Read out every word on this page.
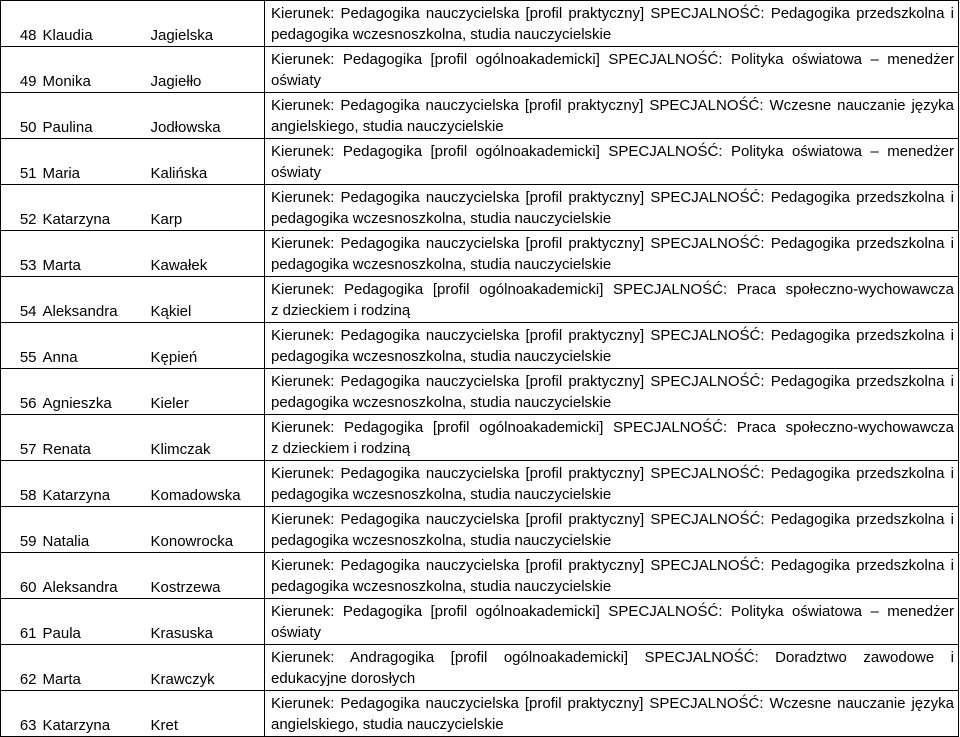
48	Klaudia	Jagielska	Kierunek: Pedagogika nauczycielska [profil praktyczny] SPECJALNOŚĆ: Pedagogika przedszkolna i
pedagogika wczesnoszkolna, studia nauczycielskie

49	Monika	Jagiełło	Kierunek: Pedagogika [profil ogólnoakademicki] SPECJALNOŚĆ: Polityka oświatowa – menedżer
oświaty

50	Paulina	Jodłowska	Kierunek: Pedagogika nauczycielska [profil praktyczny] SPECJALNOŚĆ: Wczesne nauczanie języka
angielskiego, studia nauczycielskie

51	Maria	Kalińska	Kierunek: Pedagogika [profil ogólnoakademicki] SPECJALNOŚĆ: Polityka oświatowa – menedżer
oświaty

52	Katarzyna	Karp	Kierunek: Pedagogika nauczycielska [profil praktyczny] SPECJALNOŚĆ: Pedagogika przedszkolna i
pedagogika wczesnoszkolna, studia nauczycielskie

53	Marta	Kawałek	Kierunek: Pedagogika nauczycielska [profil praktyczny] SPECJALNOŚĆ: Pedagogika przedszkolna i
pedagogika wczesnoszkolna, studia nauczycielskie

54	Aleksandra	Kąkiel	Kierunek: Pedagogika [profil ogólnoakademicki] SPECJALNOŚĆ: Praca społeczno-wychowawcza
z dzieckiem i rodziną

55	Anna	Kępień	Kierunek: Pedagogika nauczycielska [profil praktyczny] SPECJALNOŚĆ: Pedagogika przedszkolna i
pedagogika wczesnoszkolna, studia nauczycielskie

56	Agnieszka	Kieler	Kierunek: Pedagogika nauczycielska [profil praktyczny] SPECJALNOŚĆ: Pedagogika przedszkolna i
pedagogika wczesnoszkolna, studia nauczycielskie

57	Renata	Klimczak	Kierunek: Pedagogika [profil ogólnoakademicki] SPECJALNOŚĆ: Praca społeczno-wychowawcza
z dzieckiem i rodziną

58	Katarzyna	Komadowska	Kierunek: Pedagogika nauczycielska [profil praktyczny] SPECJALNOŚĆ: Pedagogika przedszkolna i
pedagogika wczesnoszkolna, studia nauczycielskie

59	Natalia	Konowrocka	Kierunek: Pedagogika nauczycielska [profil praktyczny] SPECJALNOŚĆ: Pedagogika przedszkolna i
pedagogika wczesnoszkolna, studia nauczycielskie

60	Aleksandra	Kostrzewa	Kierunek: Pedagogika nauczycielska [profil praktyczny] SPECJALNOŚĆ: Pedagogika przedszkolna i
pedagogika wczesnoszkolna, studia nauczycielskie

61	Paula	Krasuska	Kierunek: Pedagogika [profil ogólnoakademicki] SPECJALNOŚĆ: Polityka oświatowa – menedżer
oświaty

62	Marta	Krawczyk	Kierunek: Andragogika [profil ogólnoakademicki] SPECJALNOŚĆ: Doradztwo zawodowe i
edukacyjne dorosłych

63	Katarzyna	Kret	Kierunek: Pedagogika nauczycielska [profil praktyczny] SPECJALNOŚĆ: Wczesne nauczanie języka
angielskiego, studia nauczycielskie
